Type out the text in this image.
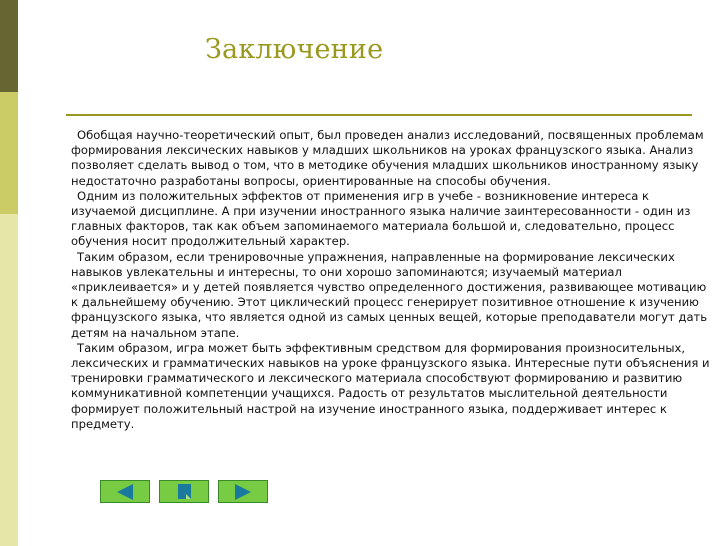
Заключение

Обобщая научно-теоретический опыт, был проведен анализ исследований, посвященных проблемам формирования лексических навыков у младших школьников на уроках французского языка. Анализ позволяет сделать вывод о том, что в методике обучения младших школьников иностранному языку недостаточно разработаны вопросы, ориентированные на способы обучения.

Одним из положительных эффектов от применения игр в учебе - возникновение интереса к изучаемой дисциплине. А при изучении иностранного языка наличие заинтересованности - один из главных факторов, так как объем запоминаемого материала большой и, следовательно, процесс обучения носит продолжительный характер.

Таким образом, если тренировочные упражнения, направленные на формирование лексических навыков увлекательны и интересны, то они хорошо запоминаются; изучаемый материал «приклеивается» и у детей появляется чувство определенного достижения, развивающее мотивацию к дальнейшему обучению. Этот циклический процесс генерирует позитивное отношение к изучению французского языка, что является одной из самых ценных вещей, которые преподаватели могут дать детям на начальном этапе.

Таким образом, игра может быть эффективным средством для формирования произносительных, лексических и грамматических навыков на уроке французского языка. Интересные пути объяснения и тренировки грамматического и лексического материала способствуют формированию и развитию коммуникативной компетенции учащихся. Радость от результатов мыслительной деятельности формирует положительный настрой на изучение иностранного языка, поддерживает интерес к предмету.
